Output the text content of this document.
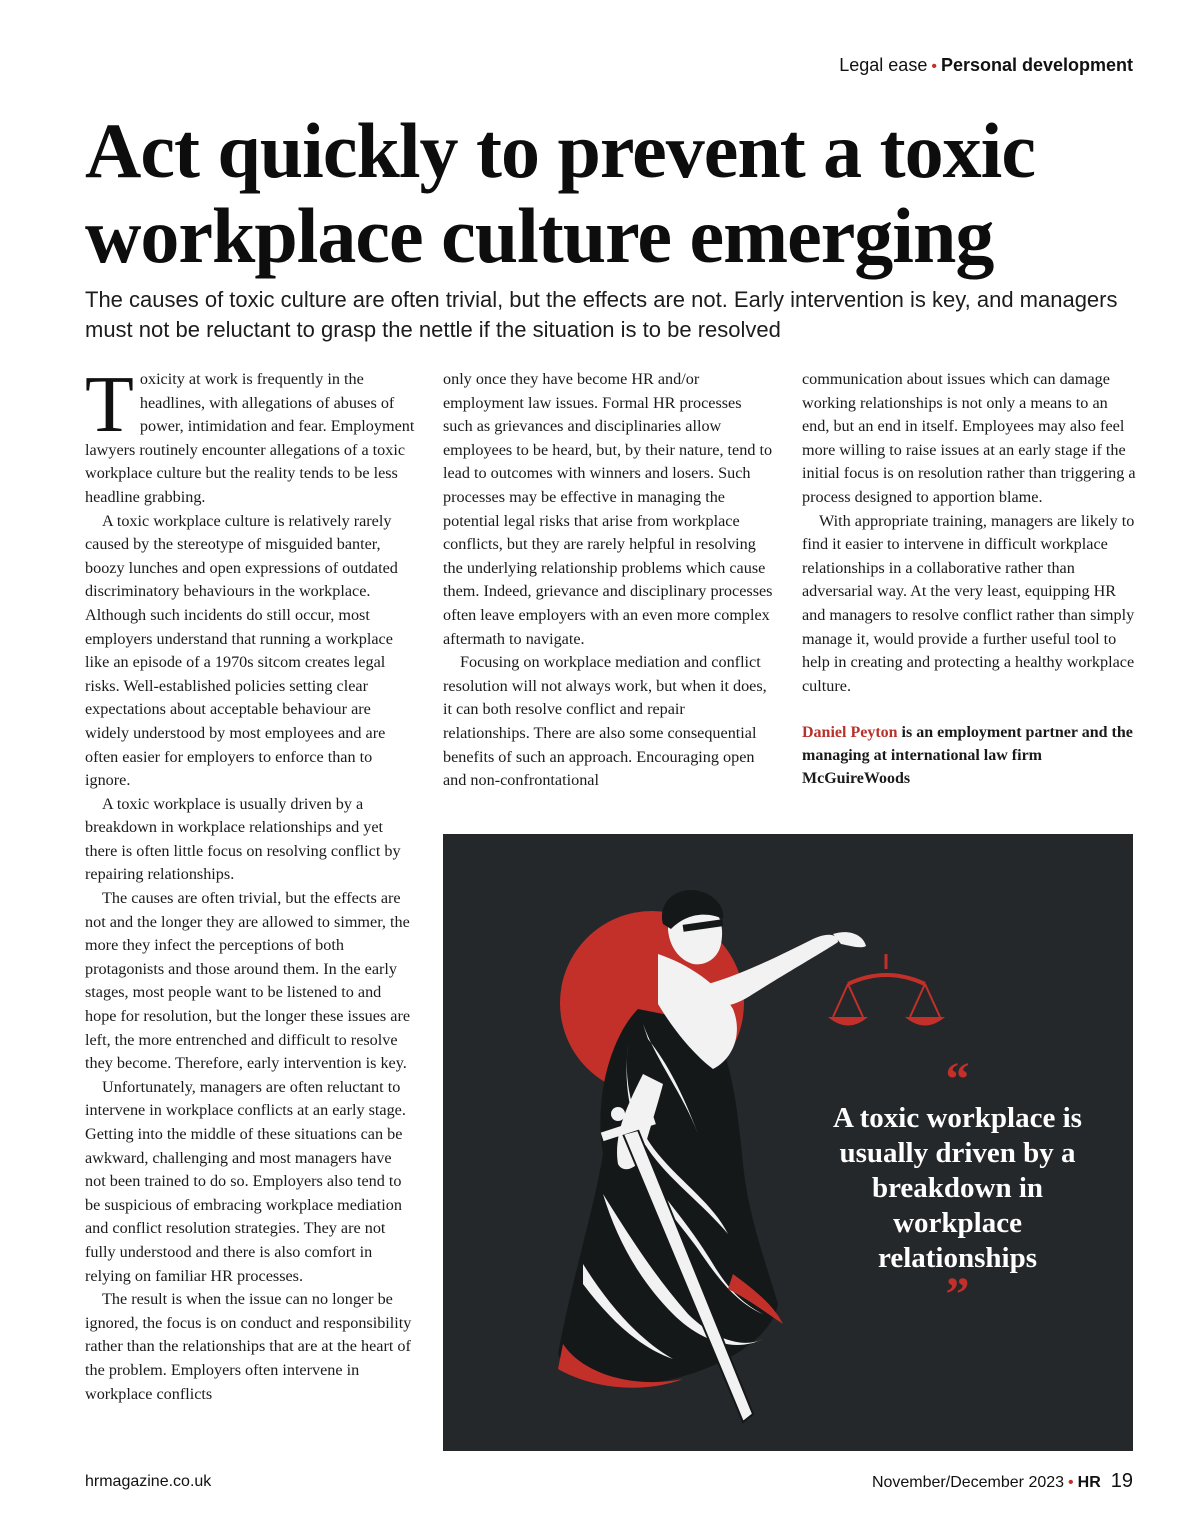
Legal ease • Personal development
Act quickly to prevent a toxic workplace culture emerging

The causes of toxic culture are often trivial, but the effects are not. Early intervention is key, and managers must not be reluctant to grasp the nettle if the situation is to be resolved

Toxicity at work is frequently in the headlines, with allegations of abuses of power, intimidation and fear. Employment lawyers routinely encounter allegations of a toxic workplace culture but the reality tends to be less headline grabbing.

A toxic workplace culture is relatively rarely caused by the stereotype of misguided banter, boozy lunches and open expressions of outdated discriminatory behaviours in the workplace. Although such incidents do still occur, most employers understand that running a workplace like an episode of a 1970s sitcom creates legal risks. Well-established policies setting clear expectations about acceptable behaviour are widely understood by most employees and are often easier for employers to enforce than to ignore.

A toxic workplace is usually driven by a breakdown in workplace relationships and yet there is often little focus on resolving conflict by repairing relationships.

The causes are often trivial, but the effects are not and the longer they are allowed to simmer, the more they infect the perceptions of both protagonists and those around them. In the early stages, most people want to be listened to and hope for resolution, but the longer these issues are left, the more entrenched and difficult to resolve they become. Therefore, early intervention is key.

Unfortunately, managers are often reluctant to intervene in workplace conflicts at an early stage. Getting into the middle of these situations can be awkward, challenging and most managers have not been trained to do so. Employers also tend to be suspicious of embracing workplace mediation and conflict resolution strategies. They are not fully understood and there is also comfort in relying on familiar HR processes.

The result is when the issue can no longer be ignored, the focus is on conduct and responsibility rather than the relationships that are at the heart of the problem. Employers often intervene in workplace conflicts

only once they have become HR and/or employment law issues. Formal HR processes such as grievances and disciplinaries allow employees to be heard, but, by their nature, tend to lead to outcomes with winners and losers. Such processes may be effective in managing the potential legal risks that arise from workplace conflicts, but they are rarely helpful in resolving the underlying relationship problems which cause them. Indeed, grievance and disciplinary processes often leave employers with an even more complex aftermath to navigate.

Focusing on workplace mediation and conflict resolution will not always work, but when it does, it can both resolve conflict and repair relationships. There are also some consequential benefits of such an approach. Encouraging open and non-confrontational

communication about issues which can damage working relationships is not only a means to an end, but an end in itself. Employees may also feel more willing to raise issues at an early stage if the initial focus is on resolution rather than triggering a process designed to apportion blame.

With appropriate training, managers are likely to find it easier to intervene in difficult workplace relationships in a collaborative rather than adversarial way. At the very least, equipping HR and managers to resolve conflict rather than simply manage it, would provide a further useful tool to help in creating and protecting a healthy workplace culture.

Daniel Peyton is an employment partner and the managing at international law firm McGuireWoods

“
A toxic workplace is usually driven by a breakdown in workplace relationships
”
hrmagazine.co.uk	November/December 2023 • HR 19
